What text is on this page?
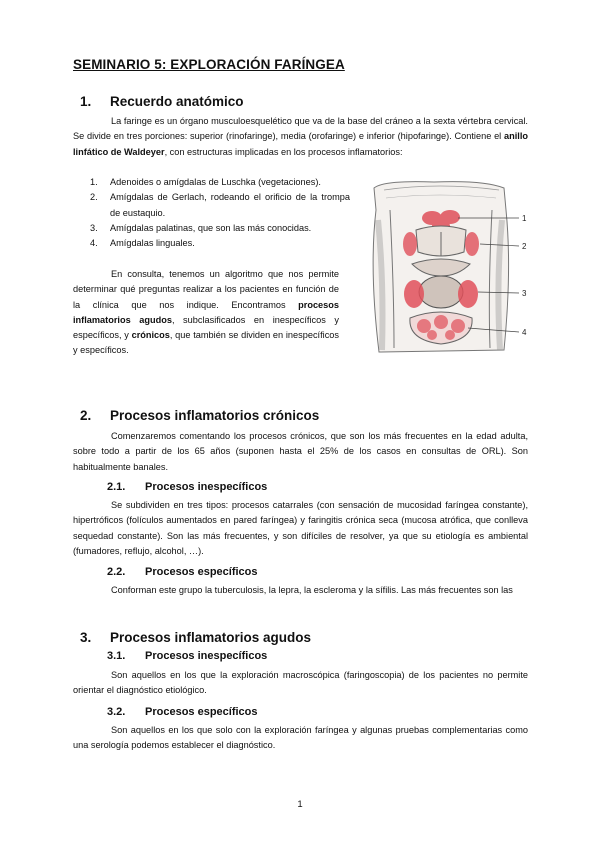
SEMINARIO 5: EXPLORACIÓN FARÍNGEA
1.	Recuerdo anatómico
La faringe es un órgano musculoesquelético que va de la base del cráneo a la sexta vértebra cervical. Se divide en tres porciones: superior (rinofaringe), media (orofaringe) e inferior (hipofaringe). Contiene el anillo linfático de Waldeyer, con estructuras implicadas en los procesos inflamatorios:
1.	Adenoides o amígdalas de Luschka (vegetaciones).
2.	Amígdalas de Gerlach, rodeando el orificio de la trompa de eustaquio.
3.	Amígdalas palatinas, que son las más conocidas.
4.	Amígdalas linguales.
En consulta, tenemos un algoritmo que nos permite determinar qué preguntas realizar a los pacientes en función de la clínica que nos indique. Encontramos procesos inflamatorios agudos, subclasificados en inespecíficos y específicos, y crónicos, que también se dividen en inespecíficos y específicos.
1
2
3
4
2.	Procesos inflamatorios crónicos
Comenzaremos comentando los procesos crónicos, que son los más frecuentes en la edad adulta, sobre todo a partir de los 65 años (suponen hasta el 25% de los casos en consultas de ORL). Son habitualmente banales.
2.1.	Procesos inespecíficos
Se subdividen en tres tipos: procesos catarrales (con sensación de mucosidad faríngea constante), hipertróficos (folículos aumentados en pared faríngea) y faringitis crónica seca (mucosa atrófica, que conlleva sequedad constante). Son las más frecuentes, y son difíciles de resolver, ya que su etiología es ambiental (fumadores, reflujo, alcohol, …).
2.2.	Procesos específicos
Conforman este grupo la tuberculosis, la lepra, la escleroma y la sífilis. Las más frecuentes son las
3.	Procesos inflamatorios agudos
3.1.	Procesos inespecíficos
Son aquellos en los que la exploración macroscópica (faringoscopia) de los pacientes no permite orientar el diagnóstico etiológico.
3.2.	Procesos específicos
Son aquellos en los que solo con la exploración faríngea y algunas pruebas complementarias como una serología podemos establecer el diagnóstico.
1
